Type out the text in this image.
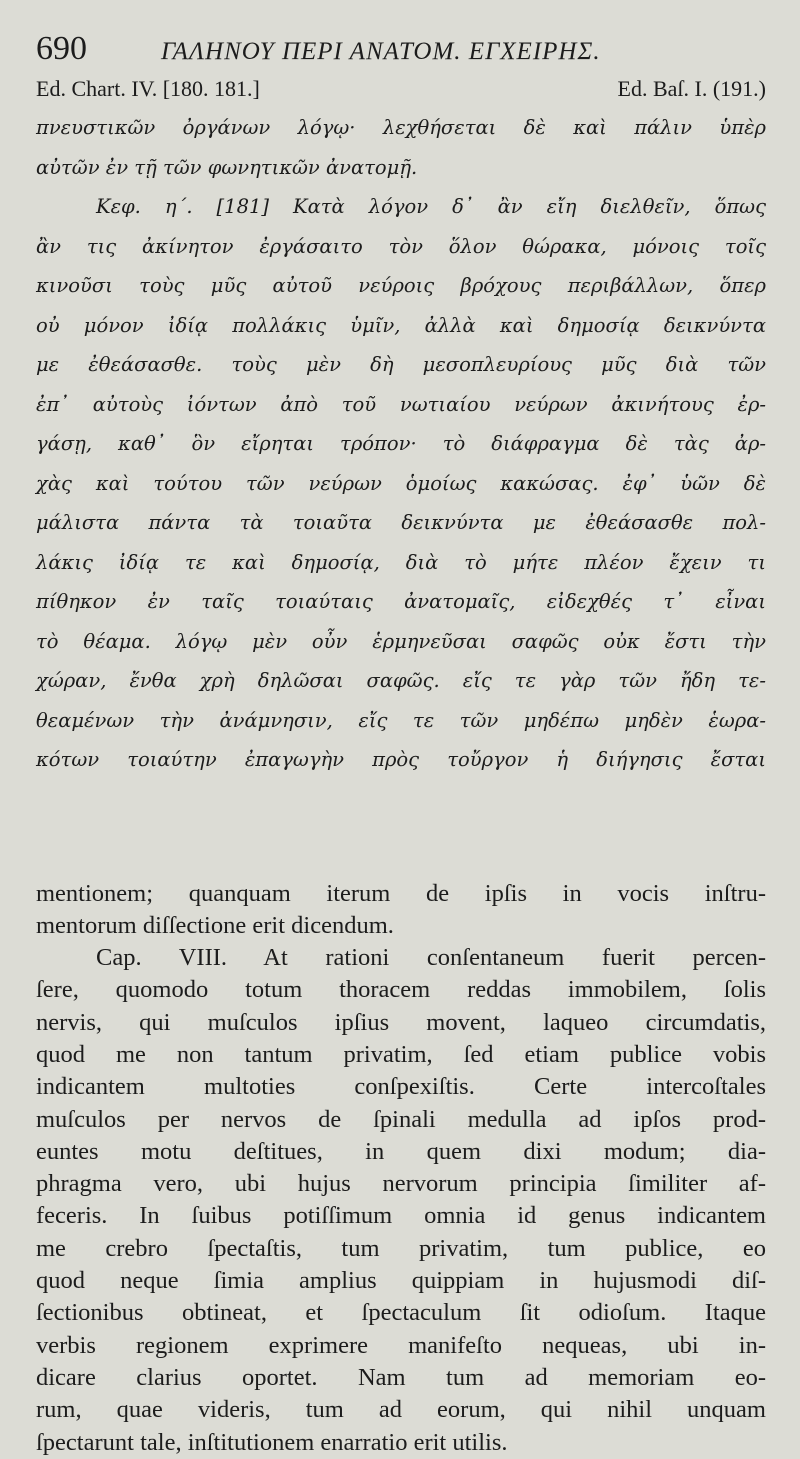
690	ΓΑΛΗΝΟΥ ΠΕΡΙ ΑΝΑΤΟΜ. ΕΓΧΕΙΡΗΣ.
Ed. Chart. IV. [180. 181.]	Ed. Baſ. I. (191.)
πνευστικῶν ὀργάνων λόγῳ· λεχθήσεται δὲ καὶ πάλιν ὑπὲρ
αὐτῶν ἐν τῇ τῶν φωνητικῶν ἀνατομῇ.
Κεφ. η΄. [181] Κατὰ λόγον δ᾽ ἂν εἴη διελθεῖν, ὅπως
ἂν τις ἀκίνητον ἐργάσαιτο τὸν ὅλον θώρακα, μόνοις τοῖς
κινοῦσι τοὺς μῦς αὐτοῦ νεύροις βρόχους περιβάλλων, ὅπερ
οὐ μόνον ἰδίᾳ πολλάκις ὑμῖν, ἀλλὰ καὶ δημοσίᾳ δεικνύντα
με ἐθεάσασθε. τοὺς μὲν δὴ μεσοπλευρίους μῦς διὰ τῶν
ἐπ᾽ αὐτοὺς ἰόντων ἀπὸ τοῦ νωτιαίου νεύρων ἀκινήτους ἐρ-
γάσῃ, καθ᾽ ὃν εἴρηται τρόπον· τὸ διάφραγμα δὲ τὰς ἀρ-
χὰς καὶ τούτου τῶν νεύρων ὁμοίως κακώσας. ἐφ᾽ ὑῶν δὲ
μάλιστα πάντα τὰ τοιαῦτα δεικνύντα με ἐθεάσασθε πολ-
λάκις ἰδίᾳ τε καὶ δημοσίᾳ, διὰ τὸ μήτε πλέον ἔχειν τι
πίθηκον ἐν ταῖς τοιαύταις ἀνατομαῖς, εἰδεχθές τ᾽ εἶναι
τὸ θέαμα. λόγῳ μὲν οὖν ἑρμηνεῦσαι σαφῶς οὐκ ἔστι τὴν
χώραν, ἔνθα χρὴ δηλῶσαι σαφῶς. εἴς τε γὰρ τῶν ἤδη τε-
θεαμένων τὴν ἀνάμνησιν, εἴς τε τῶν μηδέπω μηδὲν ἑωρα-
κότων τοιαύτην ἐπαγωγὴν πρὸς τοὔργον ἡ διήγησις ἔσται
mentionem; quanquam iterum de ipſis in vocis inſtru-
mentorum diſſectione erit dicendum.
Cap. VIII. At rationi conſentaneum fuerit percen-
ſere, quomodo totum thoracem reddas immobilem, ſolis
nervis, qui muſculos ipſius movent, laqueo circumdatis,
quod me non tantum privatim, ſed etiam publice vobis
indicantem multoties conſpexiſtis. Certe intercoſtales
muſculos per nervos de ſpinali medulla ad ipſos prod-
euntes motu deſtitues, in quem dixi modum; dia-
phragma vero, ubi hujus nervorum principia ſimiliter af-
feceris. In ſuibus potiſſimum omnia id genus indicantem
me crebro ſpectaſtis, tum privatim, tum publice, eo
quod neque ſimia amplius quippiam in hujusmodi diſ-
ſectionibus obtineat, et ſpectaculum ſit odioſum. Itaque
verbis regionem exprimere manifeſto nequeas, ubi in-
dicare clarius oportet. Nam tum ad memoriam eo-
rum, quae videris, tum ad eorum, qui nihil unquam
ſpectarunt tale, inſtitutionem enarratio erit utilis.
